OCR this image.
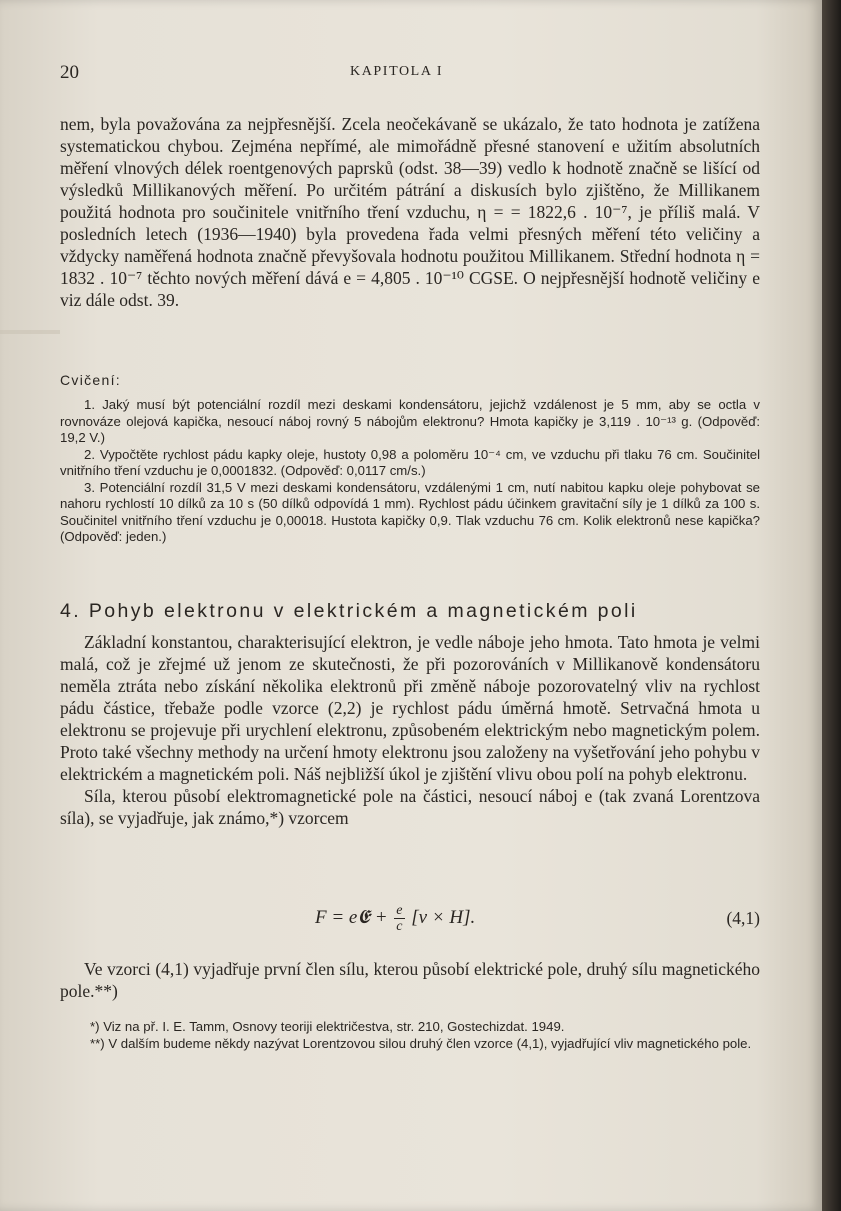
20	KAPITOLA I

nem, byla považována za nejpřesnější. Zcela neočekávaně se ukázalo, že tato hodnota je zatížena systematickou chybou. Zejména nepřímé, ale mimořádně přesné stanovení e užitím absolutních měření vlnových délek roentgenových paprsků (odst. 38—39) vedlo k hodnotě značně se lišící od výsledků Millikanových měření. Po určitém pátrání a diskusích bylo zjištěno, že Millikanem použitá hodnota pro součinitele vnitřního tření vzduchu, η = = 1822,6 . 10⁻⁷, je příliš malá. V posledních letech (1936—1940) byla provedena řada velmi přesných měření této veličiny a vždycky naměřená hodnota značně převyšovala hodnotu použitou Millikanem. Střední hodnota η = 1832 . 10⁻⁷ těchto nových měření dává e = 4,805 . 10⁻¹⁰ CGSE. O nejpřesnější hodnotě veličiny e viz dále odst. 39.

Cvičení:

1. Jaký musí být potenciální rozdíl mezi deskami kondensátoru, jejichž vzdálenost je 5 mm, aby se octla v rovnováze olejová kapička, nesoucí náboj rovný 5 nábojům elektronu? Hmota kapičky je 3,119 . 10⁻¹³ g. (Odpověď: 19,2 V.)

2. Vypočtěte rychlost pádu kapky oleje, hustoty 0,98 a poloměru 10⁻⁴ cm, ve vzduchu při tlaku 76 cm. Součinitel vnitřního tření vzduchu je 0,0001832. (Odpověď: 0,0117 cm/s.)

3. Potenciální rozdíl 31,5 V mezi deskami kondensátoru, vzdálenými 1 cm, nutí nabitou kapku oleje pohybovat se nahoru rychlostí 10 dílků za 10 s (50 dílků odpovídá 1 mm). Rychlost pádu účinkem gravitační síly je 1 dílků za 100 s. Součinitel vnitřního tření vzduchu je 0,00018. Hustota kapičky 0,9. Tlak vzduchu 76 cm. Kolik elektronů nese kapička? (Odpověď: jeden.)

4. Pohyb elektronu v elektrickém a magnetickém poli

Základní konstantou, charakterisující elektron, je vedle náboje jeho hmota. Tato hmota je velmi malá, což je zřejmé už jenom ze skutečnosti, že při pozorováních v Millikanově kondensátoru neměla ztráta nebo získání několika elektronů při změně náboje pozorovatelný vliv na rychlost pádu částice, třebaže podle vzorce (2,2) je rychlost pádu úměrná hmotě. Setrvačná hmota u elektronu se projevuje při urychlení elektronu, způsobeném elektrickým nebo magnetickým polem. Proto také všechny methody na určení hmoty elektronu jsou založeny na vyšetřování jeho pohybu v elektrickém a magnetickém poli. Náš nejbližší úkol je zjištění vlivu obou polí na pohyb elektronu.

Síla, kterou působí elektromagnetické pole na částici, nesoucí náboj e (tak zvaná Lorentzova síla), se vyjadřuje, jak známo,*) vzorcem

F = e𝕰 + $\frac{e}{c} [v \times H]$.	(4,1)

Ve vzorci (4,1) vyjadřuje první člen sílu, kterou působí elektrické pole, druhý sílu magnetického pole.**)

*) Viz na př. I. E. Tamm, Osnovy teoriji električestva, str. 210, Gostechizdat. 1949.

**) V dalším budeme někdy nazývat Lorentzovou silou druhý člen vzorce (4,1), vyjadřující vliv magnetického pole.
